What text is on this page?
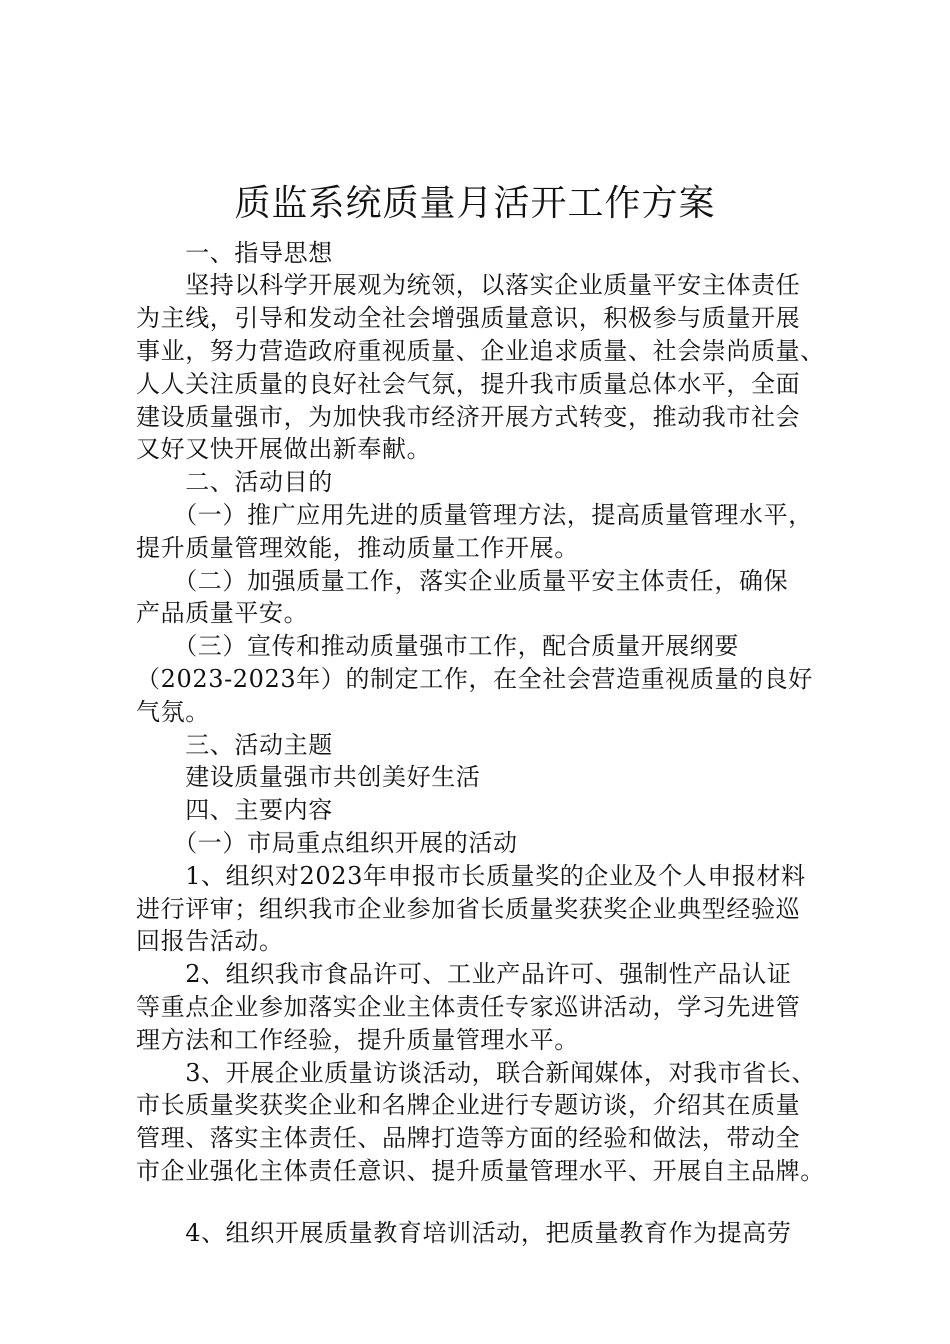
质监系统质量月活开工作方案
　　一、指导思想
　　坚持以科学开展观为统领，以落实企业质量平安主体责任
为主线，引导和发动全社会增强质量意识，积极参与质量开展
事业，努力营造政府重视质量、企业追求质量、社会崇尚质量、
人人关注质量的良好社会气氛，提升我市质量总体水平，全面
建设质量强市，为加快我市经济开展方式转变，推动我市社会
又好又快开展做出新奉献。
　　二、活动目的
　　（一）推广应用先进的质量管理方法，提高质量管理水平，
提升质量管理效能，推动质量工作开展。
　　（二）加强质量工作，落实企业质量平安主体责任，确保
产品质量平安。
　　（三）宣传和推动质量强市工作，配合质量开展纲要
（2023-2023年）的制定工作，在全社会营造重视质量的良好
气氛。
　　三、活动主题
　　建设质量强市共创美好生活
　　四、主要内容
　　（一）市局重点组织开展的活动
　　1、组织对2023年申报市长质量奖的企业及个人申报材料
进行评审；组织我市企业参加省长质量奖获奖企业典型经验巡
回报告活动。
　　2、组织我市食品许可、工业产品许可、强制性产品认证
等重点企业参加落实企业主体责任专家巡讲活动，学习先进管
理方法和工作经验，提升质量管理水平。
　　3、开展企业质量访谈活动，联合新闻媒体，对我市省长、
市长质量奖获奖企业和名牌企业进行专题访谈，介绍其在质量
管理、落实主体责任、品牌打造等方面的经验和做法，带动全
市企业强化主体责任意识、提升质量管理水平、开展自主品牌。
　　4、组织开展质量教育培训活动，把质量教育作为提高劳
